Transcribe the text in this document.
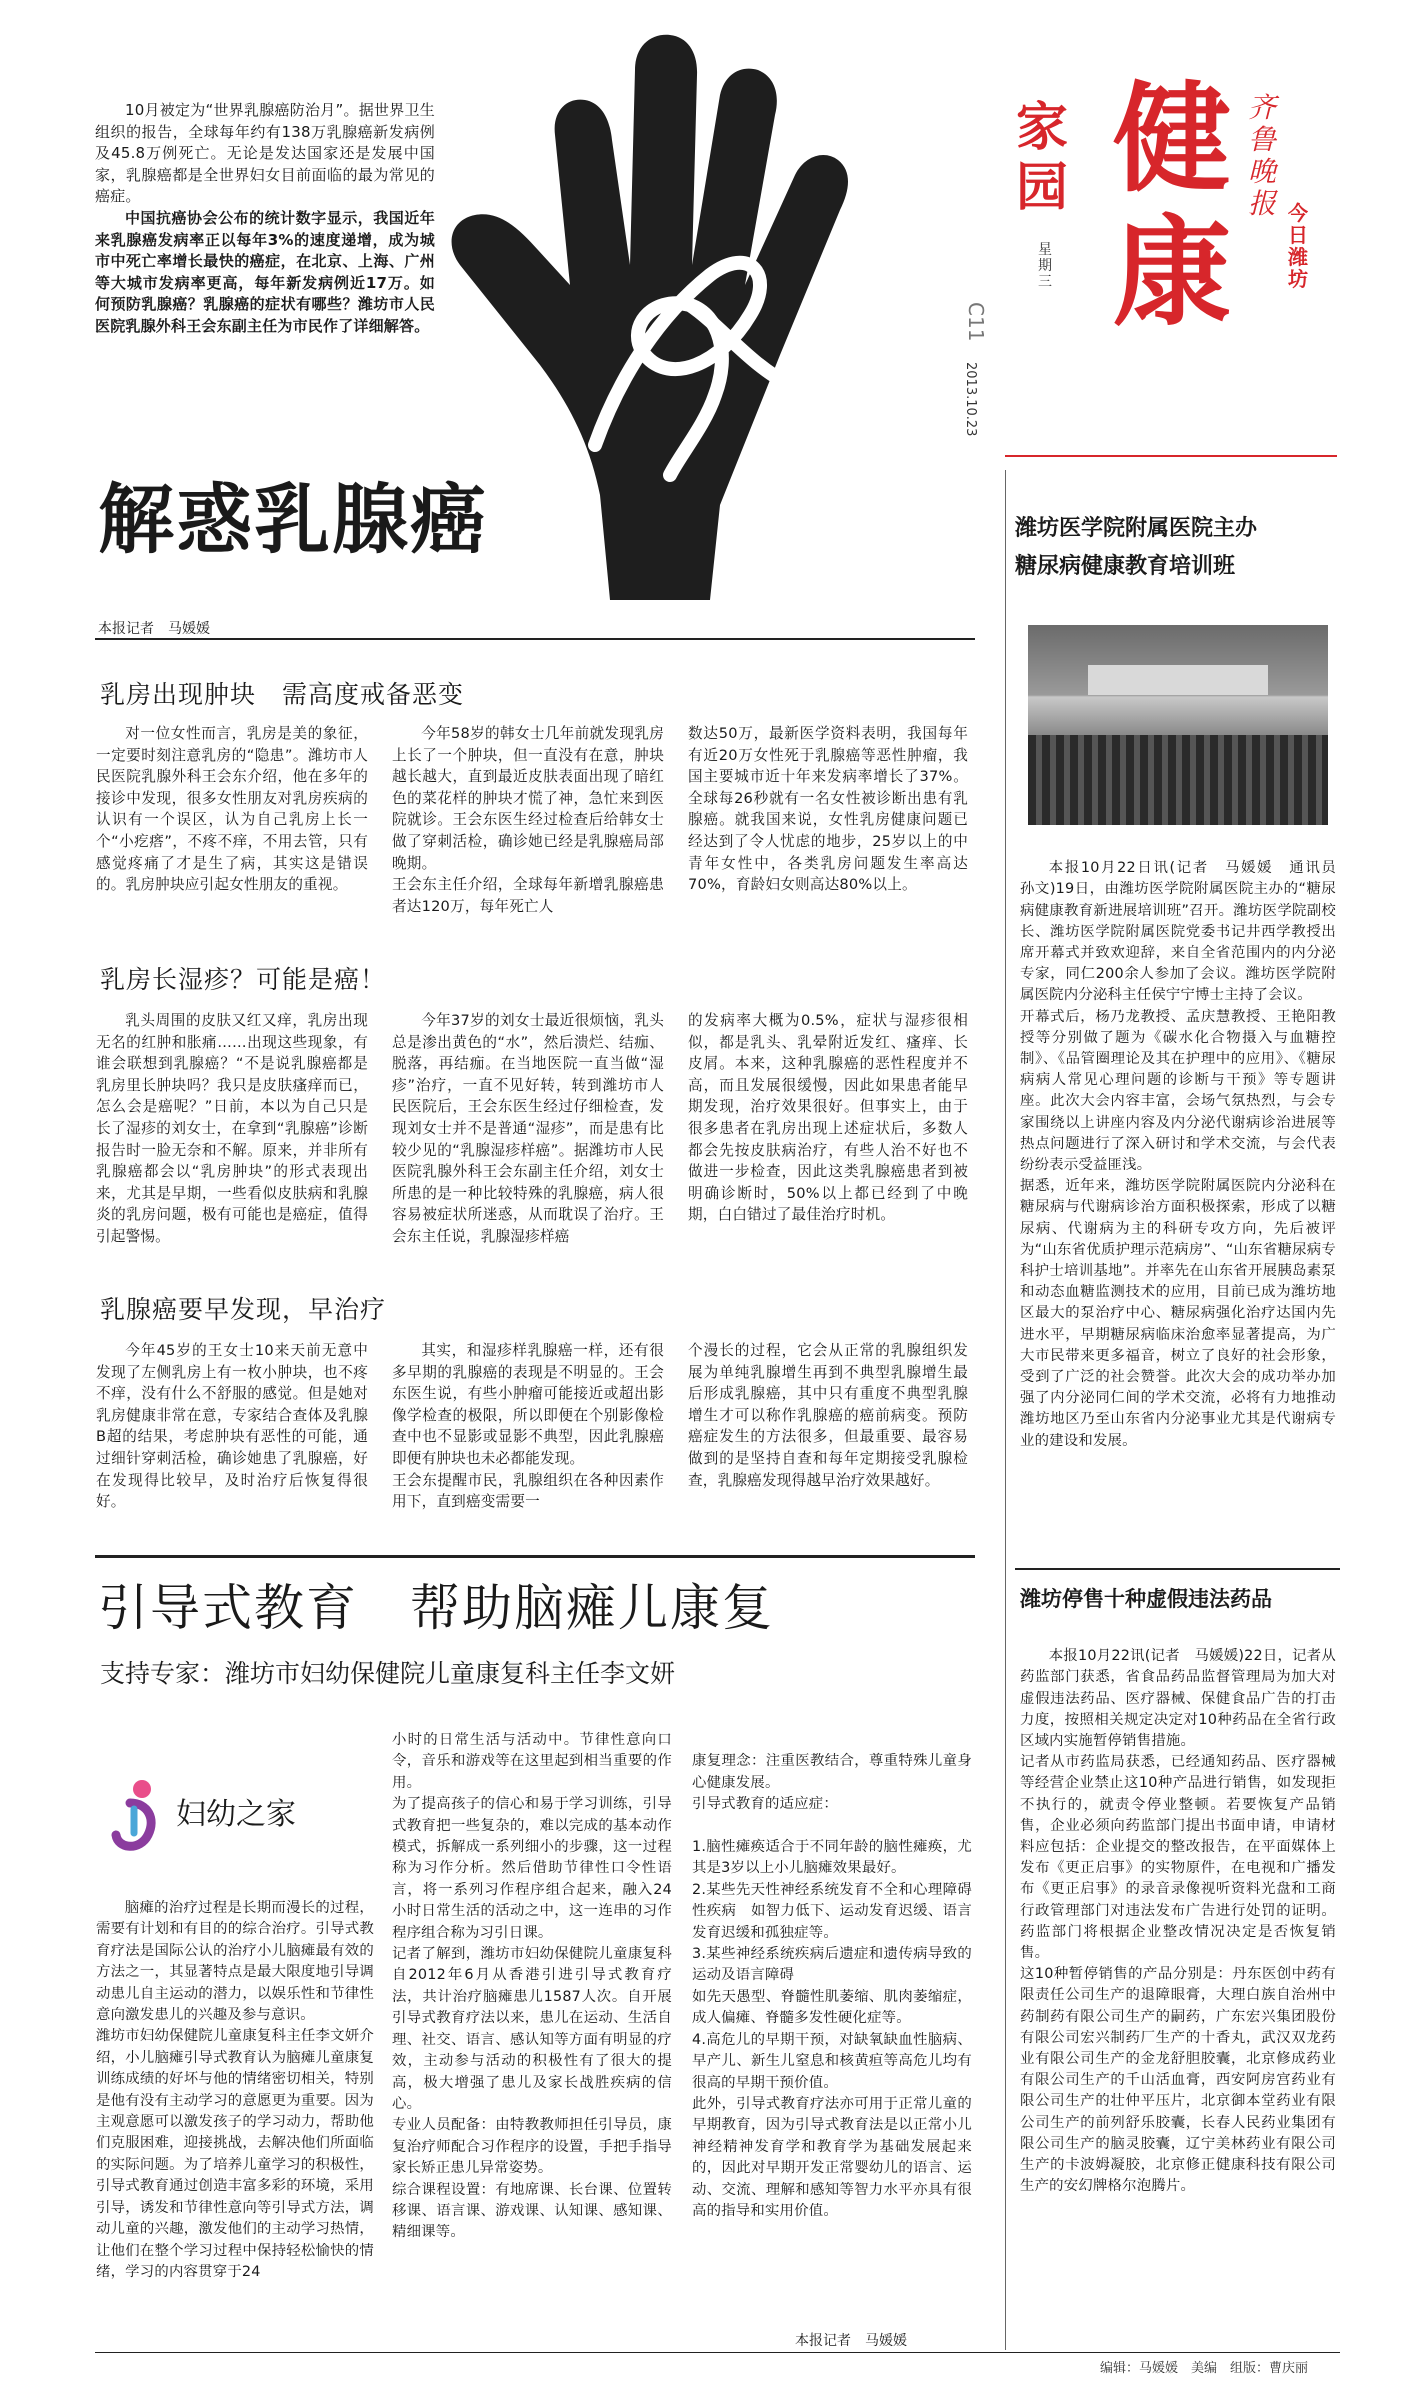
健
康
家
园
星期三
2013.10.23
C11
齐鲁晚报 今日潍坊

10月被定为“世界乳腺癌防治月”。据世界卫生组织的报告，全球每年约有138万乳腺癌新发病例及45.8万例死亡。无论是发达国家还是发展中国家，乳腺癌都是全世界妇女目前面临的最为常见的癌症。

中国抗癌协会公布的统计数字显示，我国近年来乳腺癌发病率正以每年3%的速度递增，成为城市中死亡率增长最快的癌症，在北京、上海、广州等大城市发病率更高，每年新发病例近17万。如何预防乳腺癌？乳腺癌的症状有哪些？潍坊市人民医院乳腺外科王会东副主任为市民作了详细解答。

解惑乳腺癌
本报记者　马媛媛
乳房出现肿块　需高度戒备恶变

对一位女性而言，乳房是美的象征，一定要时刻注意乳房的“隐患”。潍坊市人民医院乳腺外科王会东介绍，他在多年的接诊中发现，很多女性朋友对乳房疾病的认识有一个误区，认为自己乳房上长一个“小疙瘩”，不疼不痒，不用去管，只有感觉疼痛了才是生了病，其实这是错误的。乳房肿块应引起女性朋友的重视。

今年58岁的韩女士几年前就发现乳房上长了一个肿块，但一直没有在意，肿块越长越大，直到最近皮肤表面出现了暗红色的菜花样的肿块才慌了神，急忙来到医院就诊。王会东医生经过检查后给韩女士做了穿刺活检，确诊她已经是乳腺癌局部晚期。
王会东主任介绍，全球每年新增乳腺癌患者达120万，每年死亡人

数达50万，最新医学资料表明，我国每年有近20万女性死于乳腺癌等恶性肿瘤，我国主要城市近十年来发病率增长了37%。全球每26秒就有一名女性被诊断出患有乳腺癌。就我国来说，女性乳房健康问题已经达到了令人忧虑的地步，25岁以上的中青年女性中，各类乳房问题发生率高达70%，育龄妇女则高达80%以上。

乳房长湿疹？可能是癌！

乳头周围的皮肤又红又痒，乳房出现无名的红肿和胀痛……出现这些现象，有谁会联想到乳腺癌？“不是说乳腺癌都是乳房里长肿块吗？我只是皮肤瘙痒而已，怎么会是癌呢？”日前，本以为自己只是长了湿疹的刘女士，在拿到“乳腺癌”诊断报告时一脸无奈和不解。原来，并非所有乳腺癌都会以“乳房肿块”的形式表现出来，尤其是早期，一些看似皮肤病和乳腺炎的乳房问题，极有可能也是癌症，值得引起警惕。

今年37岁的刘女士最近很烦恼，乳头总是渗出黄色的“水”，然后溃烂、结痂、脱落，再结痂。在当地医院一直当做“湿疹”治疗，一直不见好转，转到潍坊市人民医院后，王会东医生经过仔细检查，发现刘女士并不是普通“湿疹”，而是患有比较少见的“乳腺湿疹样癌”。据潍坊市人民医院乳腺外科王会东副主任介绍，刘女士所患的是一种比较特殊的乳腺癌，病人很容易被症状所迷惑，从而耽误了治疗。王会东主任说，乳腺湿疹样癌

的发病率大概为0.5%，症状与湿疹很相似，都是乳头、乳晕附近发红、瘙痒、长皮屑。本来，这种乳腺癌的恶性程度并不高，而且发展很缓慢，因此如果患者能早期发现，治疗效果很好。但事实上，由于很多患者在乳房出现上述症状后，多数人都会先按皮肤病治疗，有些人治不好也不做进一步检查，因此这类乳腺癌患者到被明确诊断时，50%以上都已经到了中晚期，白白错过了最佳治疗时机。

乳腺癌要早发现，早治疗

今年45岁的王女士10来天前无意中发现了左侧乳房上有一枚小肿块，也不疼不痒，没有什么不舒服的感觉。但是她对乳房健康非常在意，专家结合查体及乳腺B超的结果，考虑肿块有恶性的可能，通过细针穿刺活检，确诊她患了乳腺癌，好在发现得比较早，及时治疗后恢复得很好。

其实，和湿疹样乳腺癌一样，还有很多早期的乳腺癌的表现是不明显的。王会东医生说，有些小肿瘤可能接近或超出影像学检查的极限，所以即便在个别影像检查中也不显影或显影不典型，因此乳腺癌即便有肿块也未必都能发现。
王会东提醒市民，乳腺组织在各种因素作用下，直到癌变需要一

个漫长的过程，它会从正常的乳腺组织发展为单纯乳腺增生再到不典型乳腺增生最后形成乳腺癌，其中只有重度不典型乳腺增生才可以称作乳腺癌的癌前病变。预防癌症发生的方法很多，但最重要、最容易做到的是坚持自查和每年定期接受乳腺检查，乳腺癌发现得越早治疗效果越好。

引导式教育　帮助脑瘫儿康复
支持专家：潍坊市妇幼保健院儿童康复科主任李文妍
妇幼之家

脑瘫的治疗过程是长期而漫长的过程，需要有计划和有目的的综合治疗。引导式教育疗法是国际公认的治疗小儿脑瘫最有效的方法之一，其显著特点是最大限度地引导调动患儿自主运动的潜力，以娱乐性和节律性意向激发患儿的兴趣及参与意识。
潍坊市妇幼保健院儿童康复科主任李文妍介绍，小儿脑瘫引导式教育认为脑瘫儿童康复训练成绩的好坏与他的情绪密切相关，特别是他有没有主动学习的意愿更为重要。因为主观意愿可以激发孩子的学习动力，帮助他们克服困难，迎接挑战，去解决他们所面临的实际问题。为了培养儿童学习的积极性，引导式教育通过创造丰富多彩的环境，采用引导，诱发和节律性意向等引导式方法，调动儿童的兴趣，激发他们的主动学习热情，让他们在整个学习过程中保持轻松愉快的情绪，学习的内容贯穿于24

小时的日常生活与活动中。节律性意向口令，音乐和游戏等在这里起到相当重要的作用。
为了提高孩子的信心和易于学习训练，引导式教育把一些复杂的，难以完成的基本动作模式，拆解成一系列细小的步骤，这一过程称为习作分析。然后借助节律性口令性语言，将一系列习作程序组合起来，融入24小时日常生活的活动之中，这一连串的习作程序组合称为习引日课。
记者了解到，潍坊市妇幼保健院儿童康复科自2012年6月从香港引进引导式教育疗法，共计治疗脑瘫患儿1587人次。自开展引导式教育疗法以来，患儿在运动、生活自理、社交、语言、感认知等方面有明显的疗效，主动参与活动的积极性有了很大的提高，极大增强了患儿及家长战胜疾病的信心。
专业人员配备：由特教教师担任引导员，康复治疗师配合习作程序的设置，手把手指导家长矫正患儿异常姿势。
综合课程设置：有地席课、长台课、位置转移课、语言课、游戏课、认知课、感知课、精细课等。

康复理念：注重医教结合，尊重特殊儿童身心健康发展。
引导式教育的适应症：

1.脑性瘫痪适合于不同年龄的脑性瘫痪，尤其是3岁以上小儿脑瘫效果最好。
2.某些先天性神经系统发育不全和心理障碍性疾病　如智力低下、运动发育迟缓、语言发育迟缓和孤独症等。
3.某些神经系统疾病后遗症和遗传病导致的运动及语言障碍
如先天愚型、脊髓性肌萎缩、肌肉萎缩症，成人偏瘫、脊髓多发性硬化症等。
4.高危儿的早期干预，对缺氧缺血性脑病、早产儿、新生儿窒息和核黄疸等高危儿均有很高的早期干预价值。
此外，引导式教育疗法亦可用于正常儿童的早期教育，因为引导式教育法是以正常小儿神经精神发育学和教育学为基础发展起来的，因此对早期开发正常婴幼儿的语言、运动、交流、理解和感知等智力水平亦具有很高的指导和实用价值。

本报记者　马媛媛
潍坊医学院附属医院主办
糖尿病健康教育培训班

本报10月22日讯(记者　马媛媛　通讯员　孙文)19日，由潍坊医学院附属医院主办的“糖尿病健康教育新进展培训班”召开。潍坊医学院副校长、潍坊医学院附属医院党委书记井西学教授出席开幕式并致欢迎辞，来自全省范围内的内分泌专家，同仁200余人参加了会议。潍坊医学院附属医院内分泌科主任侯宁宁博士主持了会议。
开幕式后，杨乃龙教授、孟庆慧教授、王艳阳教授等分别做了题为《碳水化合物摄入与血糖控制》、《品管圈理论及其在护理中的应用》、《糖尿病病人常见心理问题的诊断与干预》等专题讲座。此次大会内容丰富，会场气氛热烈，与会专家围绕以上讲座内容及内分泌代谢病诊治进展等热点问题进行了深入研讨和学术交流，与会代表纷纷表示受益匪浅。
据悉，近年来，潍坊医学院附属医院内分泌科在糖尿病与代谢病诊治方面积极探索，形成了以糖尿病、代谢病为主的科研专攻方向，先后被评为“山东省优质护理示范病房”、“山东省糖尿病专科护士培训基地”。并率先在山东省开展胰岛素泵和动态血糖监测技术的应用，目前已成为潍坊地区最大的泵治疗中心、糖尿病强化治疗达国内先进水平，早期糖尿病临床治愈率显著提高，为广大市民带来更多福音，树立了良好的社会形象，受到了广泛的社会赞誉。此次大会的成功举办加强了内分泌同仁间的学术交流，必将有力地推动潍坊地区乃至山东省内分泌事业尤其是代谢病专业的建设和发展。

潍坊停售十种虚假违法药品

本报10月22讯(记者　马媛媛)22日，记者从药监部门获悉，省食品药品监督管理局为加大对虚假违法药品、医疗器械、保健食品广告的打击力度，按照相关规定决定对10种药品在全省行政区域内实施暂停销售措施。
记者从市药监局获悉，已经通知药品、医疗器械等经营企业禁止这10种产品进行销售，如发现拒不执行的，就责令停业整顿。若要恢复产品销售，企业必须向药监部门提出书面申请，申请材料应包括：企业提交的整改报告，在平面媒体上发布《更正启事》的实物原件，在电视和广播发布《更正启事》的录音录像视听资料光盘和工商行政管理部门对违法发布广告进行处罚的证明。药监部门将根据企业整改情况决定是否恢复销售。
这10种暂停销售的产品分别是：丹东医创中药有限责任公司生产的退障眼膏，大理白族自治州中药制药有限公司生产的嗣药，广东宏兴集团股份有限公司宏兴制药厂生产的十香丸，武汉双龙药业有限公司生产的金龙舒胆胶囊，北京修成药业有限公司生产的千山活血膏，西安阿房宫药业有限公司生产的壮仲平压片，北京御本堂药业有限公司生产的前列舒乐胶囊，长春人民药业集团有限公司生产的脑灵胶囊，辽宁美林药业有限公司生产的卡波姆凝胶，北京修正健康科技有限公司生产的安幻牌格尔泡腾片。

编辑：马媛媛　美编　组版：曹庆丽
